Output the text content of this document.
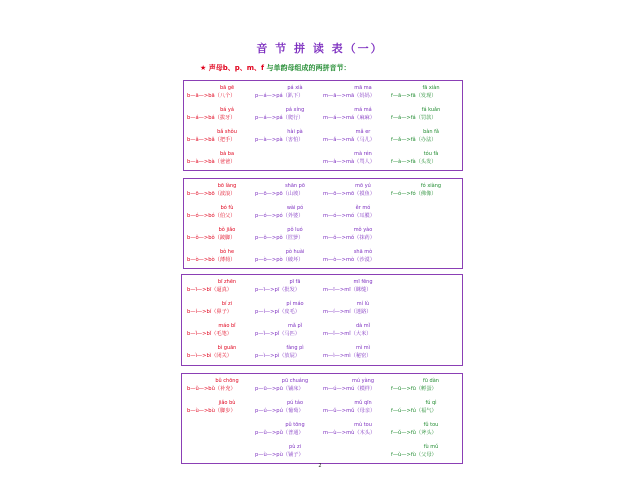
音 节 拼 读 表（一）
★ 声母b、p、m、f 与单韵母组成的两拼音节：
bā gē
b—ā—>bā（八个）
pá xià
p—á—>pá（趴下）
mā ma
m—ā—>mā（妈妈）
fā xiàn
f—ā—>fā（发现）
bá yá
b—á—>bá（拔牙）
pá xíng
p—á—>pá（爬行）
má má
m—á—>má（麻麻）
fá kuǎn
f—á—>fá（罚款）
bǎ shǒu
b—ǎ—>bǎ（把手）
hài pà
p—à—>pà（害怕）
mǎ er
m—ǎ—>mǎ（马儿）
bàn fǎ
f—ǎ—>fǎ（办法）
bà ba
b—à—>bà（爸爸）
mà rén
m—à—>mà（骂人）
tóu fà
f—à—>fà（头发）
bō làng
b—ō—>bō（波浪）
shān pō
p—ō—>pō（山坡）
mō yú
m—ō—>mō（摸鱼）
fó xiàng
f—ó—>fó（佛像）
bó fù
b—ó—>bó（伯父）
wài pó
p—ó—>pó（外婆）
ěr mó
m—ó—>mó（耳膜）
bǒ jiǎo
b—ǒ—>bǒ（跛脚）
pǒ luó
p—ǒ—>pǒ（笸箩）
mǒ yào
m—ǒ—>mǒ（抹药）
bò he
b—ò—>bò（薄荷）
pò huài
p—ò—>pò（破坏）
shā mò
m—ò—>mò（沙漠）
bī zhēn
b—ī—>bī（逼真）
pī fā
p—ī—>pī（批发）
mī fēng
m—ī—>mī（眯缝）
bí zi
b—í—>bí（鼻子）
pí máo
p—í—>pí（皮毛）
mí lù
m—í—>mí（迷路）
máo bǐ
b—ǐ—>bǐ（毛笔）
mǎ pǐ
p—ǐ—>pǐ（马匹）
dà mǐ
m—ǐ—>mǐ（大米）
bì guān
b—ì—>bì（闭关）
fàng pì
p—ì—>pì（放屁）
mì mì
m—ì—>mì（秘密）
bǔ chōng
b—ǔ—>bǔ（补充）
pū chuáng
p—ū—>pū（铺床）
mú yàng
m—ú—>mú（模样）
fū dàn
f—ū—>fū（孵蛋）
jiǎo bù
b—ù—>bù（脚步）
pú táo
p—ú—>pú（葡萄）
mǔ qīn
m—ǔ—>mǔ（母亲）
fú qì
f—ú—>fú（福气）
pǔ tōng
p—ǔ—>pǔ（普通）
mù tou
m—ù—>mù（木头）
fǔ tou
f—ǔ—>fǔ（斧头）
pù zi
p—ù—>pù（铺子）
fù mǔ
f—ù—>fù（父母）
2
